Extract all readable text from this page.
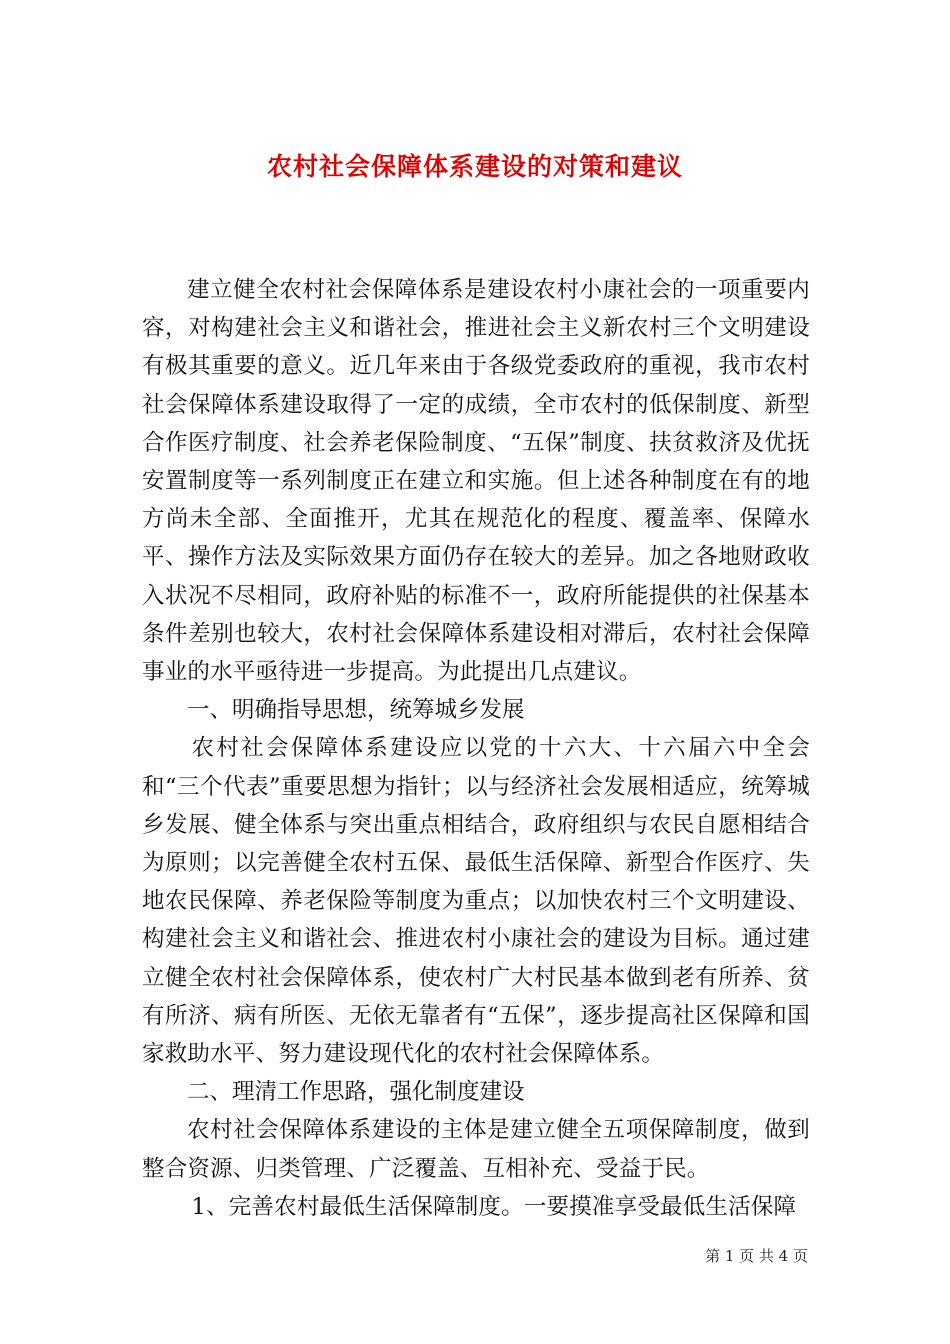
农村社会保障体系建设的对策和建议

建立健全农村社会保障体系是建设农村小康社会的一项重要内容，对构建社会主义和谐社会，推进社会主义新农村三个文明建设有极其重要的意义。近几年来由于各级党委政府的重视，我市农村社会保障体系建设取得了一定的成绩，全市农村的低保制度、新型合作医疗制度、社会养老保险制度、“五保”制度、扶贫救济及优抚安置制度等一系列制度正在建立和实施。但上述各种制度在有的地方尚未全部、全面推开，尤其在规范化的程度、覆盖率、保障水平、操作方法及实际效果方面仍存在较大的差异。加之各地财政收入状况不尽相同，政府补贴的标准不一，政府所能提供的社保基本条件差别也较大，农村社会保障体系建设相对滞后，农村社会保障事业的水平亟待进一步提高。为此提出几点建议。

一、明确指导思想，统筹城乡发展

农村社会保障体系建设应以党的十六大、十六届六中全会和“三个代表”重要思想为指针；以与经济社会发展相适应，统筹城乡发展、健全体系与突出重点相结合，政府组织与农民自愿相结合为原则；以完善健全农村五保、最低生活保障、新型合作医疗、失地农民保障、养老保险等制度为重点；以加快农村三个文明建设、构建社会主义和谐社会、推进农村小康社会的建设为目标。通过建立健全农村社会保障体系，使农村广大村民基本做到老有所养、贫有所济、病有所医、无依无靠者有“五保”，逐步提高社区保障和国家救助水平、努力建设现代化的农村社会保障体系。

二、理清工作思路，强化制度建设

农村社会保障体系建设的主体是建立健全五项保障制度，做到整合资源、归类管理、广泛覆盖、互相补充、受益于民。

1、完善农村最低生活保障制度。一要摸准享受最低生活保障

第 1 页 共 4 页
